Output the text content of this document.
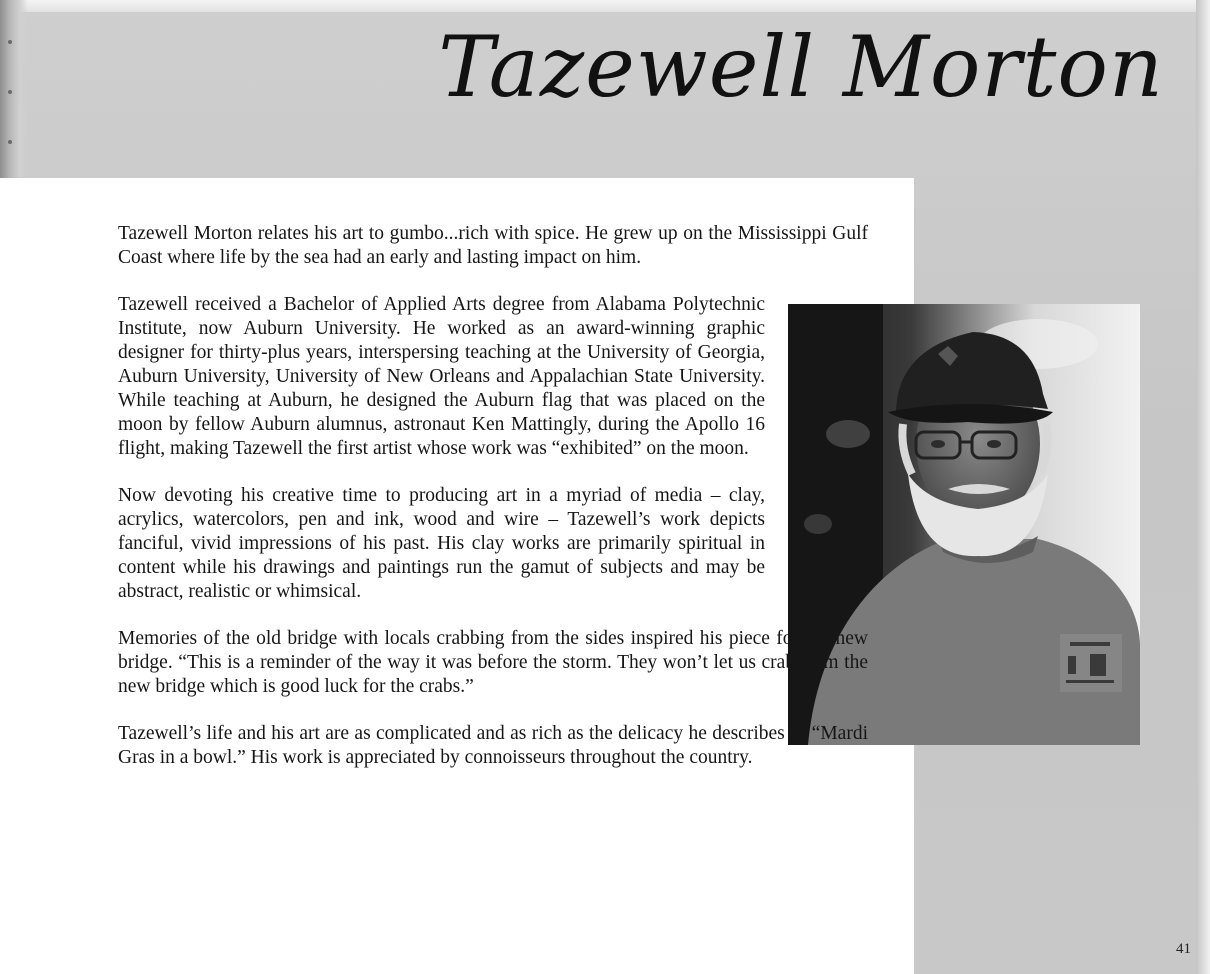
Tazewell Morton

Tazewell Morton relates his art to gumbo...rich with spice. He grew up on the Mississippi Gulf Coast where life by the sea had an early and lasting impact on him.

Tazewell received a Bachelor of Applied Arts degree from Alabama Polytechnic Institute, now Auburn University. He worked as an award-winning graphic designer for thirty-plus years, interspersing teaching at the University of Georgia, Auburn University, University of New Orleans and Appalachian State University. While teaching at Auburn, he designed the Auburn flag that was placed on the moon by fellow Auburn alumnus, astronaut Ken Mattingly, during the Apollo 16 flight, making Tazewell the first artist whose work was “exhibited” on the moon.

Now devoting his creative time to producing art in a myriad of media – clay, acrylics, watercolors, pen and ink, wood and wire – Tazewell’s work depicts fanciful, vivid impressions of his past. His clay works are primarily spiritual in content while his drawings and paintings run the gamut of subjects and may be abstract, realistic or whimsical.

Memories of the old bridge with locals crabbing from the sides inspired his piece for the new bridge. “This is a reminder of the way it was before the storm. They won’t let us crab from the new bridge which is good luck for the crabs.”

Tazewell’s life and his art are as complicated and as rich as the delicacy he describes as “Mardi Gras in a bowl.” His work is appreciated by connoisseurs throughout the country.

41
